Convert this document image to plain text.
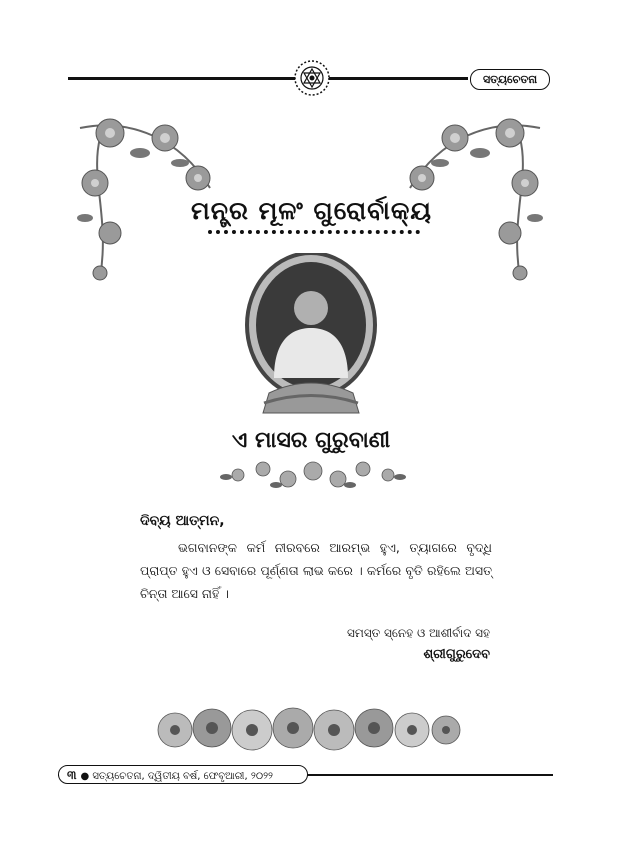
ସତ୍ୟଚେତନା
ମନ୍ତ୍ର ମୂଳଂ ଗୁରୋର୍ବାକ୍ୟ
ଏ ମାସର ଗୁରୁବାଣୀ
ଦିବ୍ୟ ଆତ୍ମନ,
ଭଗବାନଙ୍କ କର୍ମ ନୀରବରେ ଆରମ୍ଭ ହୁଏ, ତ୍ୟାଗରେ ବୃଦ୍ଧି ପ୍ରାପ୍ତ ହୁଏ ଓ ସେବାରେ ପୂର୍ଣ୍ଣତା ଲାଭ କରେ । କର୍ମରେ ବୃତି ରହିଲେ ଅସତ୍ ଚିନ୍ତା ଆସେ ନାହିଁ ।
ସମସ୍ତ ସ୍ନେହ ଓ ଆଶୀର୍ବାଦ ସହ
ଶ୍ରୀଗୁରୁଦେବ
୩ ● ସତ୍ୟଚେତନା, ଦ୍ୱିତୀୟ ବର୍ଷ, ଫେବୃଆରୀ, ୨୦୨୨
